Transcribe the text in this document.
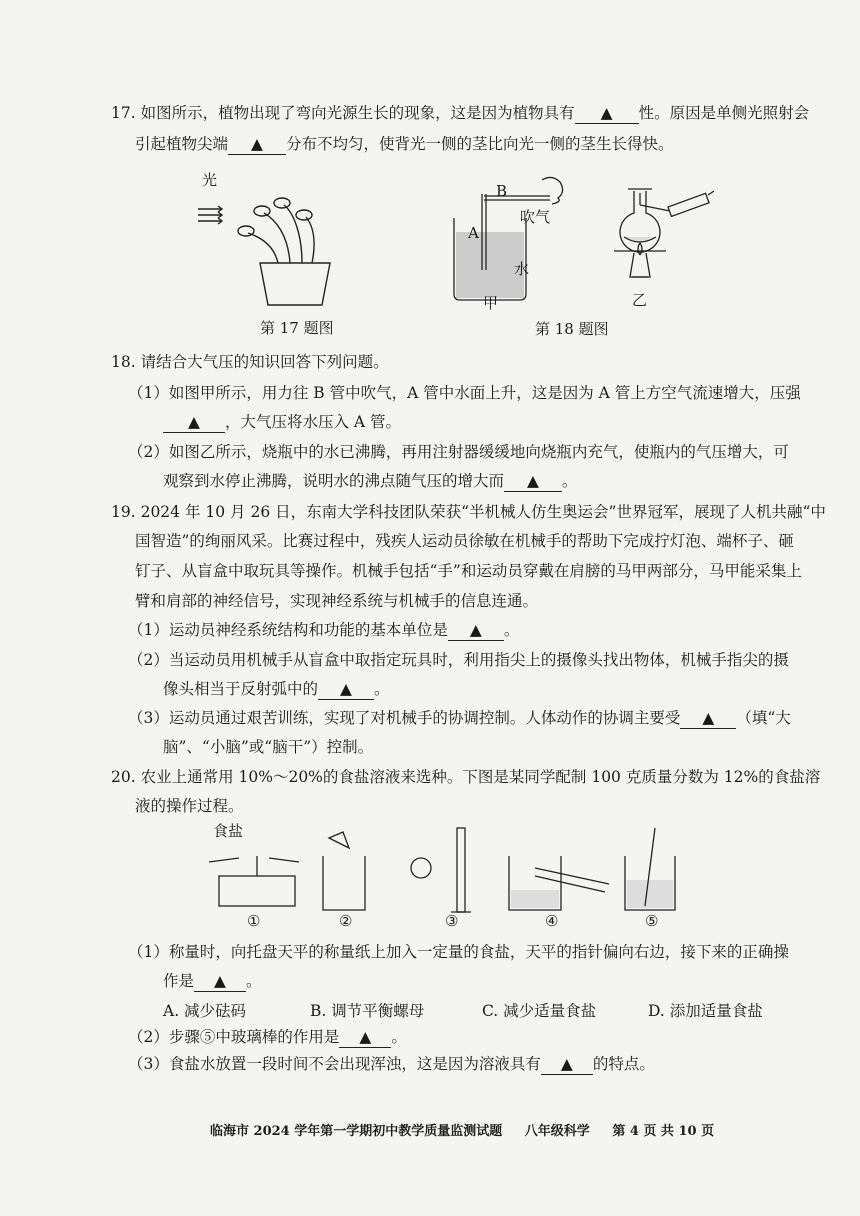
17. 如图所示，植物出现了弯向光源生长的现象，这是因为植物具有 ▲ 性。原因是单侧光照射会
引起植物尖端 ▲ 分布不均匀，使背光一侧的茎比向光一侧的茎生长得快。
光
第 17 题图
B
A
吹气
水
甲	乙
第 18 题图
18. 请结合大气压的知识回答下列问题。
（1）如图甲所示，用力往 B 管中吹气，A 管中水面上升，这是因为 A 管上方空气流速增大，压强
▲ ，大气压将水压入 A 管。
（2）如图乙所示，烧瓶中的水已沸腾，再用注射器缓缓地向烧瓶内充气，使瓶内的气压增大，可
观察到水停止沸腾，说明水的沸点随气压的增大而 ▲ 。
19. 2024 年 10 月 26 日，东南大学科技团队荣获“半机械人仿生奥运会”世界冠军，展现了人机共融“中
国智造”的绚丽风采。比赛过程中，残疾人运动员徐敏在机械手的帮助下完成拧灯泡、端杯子、砸
钉子、从盲盒中取玩具等操作。机械手包括“手”和运动员穿戴在肩膀的马甲两部分，马甲能采集上
臂和肩部的神经信号，实现神经系统与机械手的信息连通。
（1）运动员神经系统结构和功能的基本单位是 ▲ 。
（2）当运动员用机械手从盲盒中取指定玩具时，利用指尖上的摄像头找出物体，机械手指尖的摄
像头相当于反射弧中的 ▲ 。
（3）运动员通过艰苦训练，实现了对机械手的协调控制。人体动作的协调主要受 ▲ （填“大
脑”、“小脑”或“脑干”）控制。
20. 农业上通常用 10%～20%的食盐溶液来选种。下图是某同学配制 100 克质量分数为 12%的食盐溶
液的操作过程。
食盐
①	②	③	④	⑤
（1）称量时，向托盘天平的称量纸上加入一定量的食盐，天平的指针偏向右边，接下来的正确操
作是 ▲ 。
A. 减少砝码	B. 调节平衡螺母	C. 减少适量食盐	D. 添加适量食盐
（2）步骤⑤中玻璃棒的作用是 ▲ 。
（3）食盐水放置一段时间不会出现浑浊，这是因为溶液具有 ▲ 的特点。
临海市 2024 学年第一学期初中教学质量监测试题 八年级科学 第 4 页 共 10 页
